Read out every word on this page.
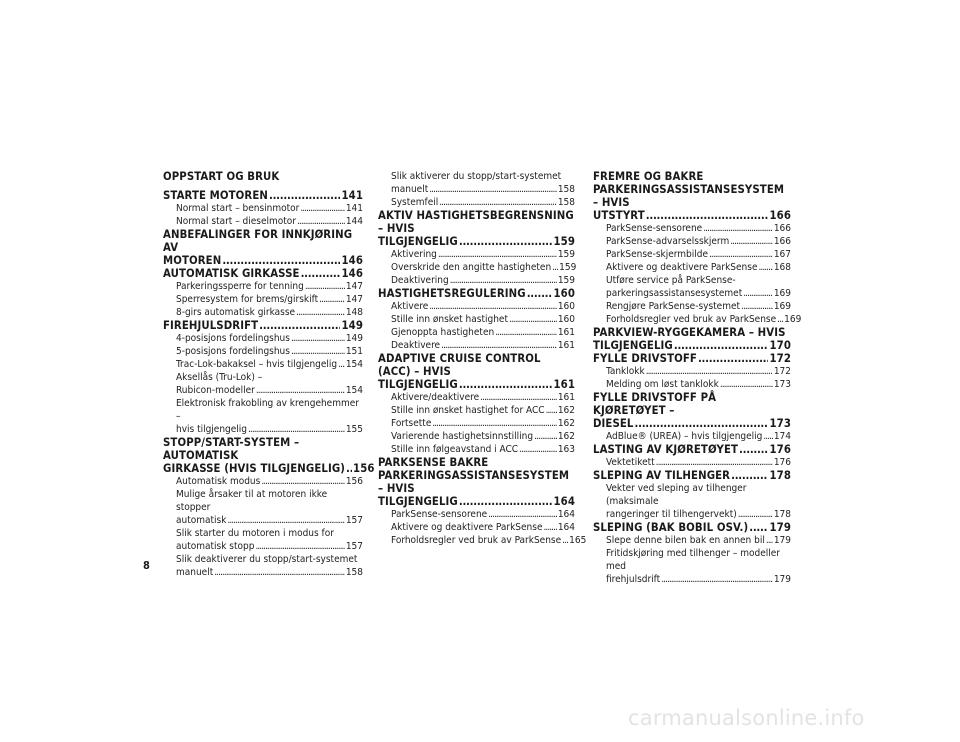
OPPSTART OG BRUK
STARTE MOTOREN . . .	141
Normal start – bensinmotor . . .	141
Normal start – dieselmotor . . .	144
ANBEFALINGER FOR INNKJØRING AV
MOTOREN . . .	146
AUTOMATISK GIRKASSE . . .	146
Parkeringssperre for tenning . . .	147
Sperresystem for brems/girskift . . .	147
8-girs automatisk girkasse . . .	148
FIREHJULSDRIFT . . .	149
4-posisjons fordelingshus . . .	149
5-posisjons fordelingshus . . .	151
Trac-Lok-bakaksel – hvis tilgjengelig . . . 154
Aksellås (Tru-Lok) –
Rubicon-modeller . . .	154
Elektronisk frakobling av krengehemmer –
hvis tilgjengelig . . .	155
STOPP/START-SYSTEM – AUTOMATISK
GIRKASSE (HVIS TILGJENGELIG) . . . 156
Automatisk modus . . .	156
Mulige årsaker til at motoren ikke stopper
automatisk . . .	157
Slik starter du motoren i modus for
automatisk stopp . . .	157
Slik deaktiverer du stopp/start-systemet
manuelt . . .	158
Slik aktiverer du stopp/start-systemet
manuelt . . .	158
Systemfeil . . .	158
AKTIV HASTIGHETSBEGRENSNING – HVIS
TILGJENGELIG . . .	159
Aktivering . . .	159
Overskride den angitte hastigheten . . . 159
Deaktivering . . .	159
HASTIGHETSREGULERING . . . 160
Aktivere . . .	160
Stille inn ønsket hastighet . . .	160
Gjenoppta hastigheten . . .	161
Deaktivere . . .	161
ADAPTIVE CRUISE CONTROL (ACC) – HVIS
TILGJENGELIG . . .	161
Aktivere/deaktivere . . .	161
Stille inn ønsket hastighet for ACC . . . 162
Fortsette . . .	162
Varierende hastighetsinnstilling . . . 162
Stille inn følgeavstand i ACC . . .	163
PARKSENSE BAKRE
PARKERINGSASSISTANSESYSTEM – HVIS
TILGJENGELIG . . .	164
ParkSense-sensorene . . .	164
Aktivere og deaktivere ParkSense . . . 164
Forholdsregler ved bruk av ParkSense . . . 165
FREMRE OG BAKRE
PARKERINGSASSISTANSESYSTEM – HVIS
UTSTYRT . . .	166
ParkSense-sensorene . . .	166
ParkSense-advarselsskjerm . . .	166
ParkSense-skjermbilde . . .	167
Aktivere og deaktivere ParkSense . . . 168
Utføre service på ParkSense-
parkeringsassistansesystemet . . .	169
Rengjøre ParkSense-systemet . . .	169
Forholdsregler ved bruk av ParkSense . . . 169
PARKVIEW-RYGGEKAMERA – HVIS
TILGJENGELIG . . .	170
FYLLE DRIVSTOFF . . .	172
Tanklokk . . .	172
Melding om løst tanklokk . . .	173
FYLLE DRIVSTOFF PÅ KJØRETØYET –
DIESEL . . .	173
AdBlue® (UREA) – hvis tilgjengelig . . . 174
LASTING AV KJØRETØYET . . .	176
Vektetikett . . .	176
SLEPING AV TILHENGER . . .	178
Vekter ved sleping av tilhenger (maksimale
rangeringer til tilhengervekt) . . .	178
SLEPING (BAK BOBIL OSV.) . . . 179
Slepe denne bilen bak en annen bil . . . 179
Fritidskjøring med tilhenger – modeller med
firehjulsdrift . . .	179
8
carmanualsonline.info
